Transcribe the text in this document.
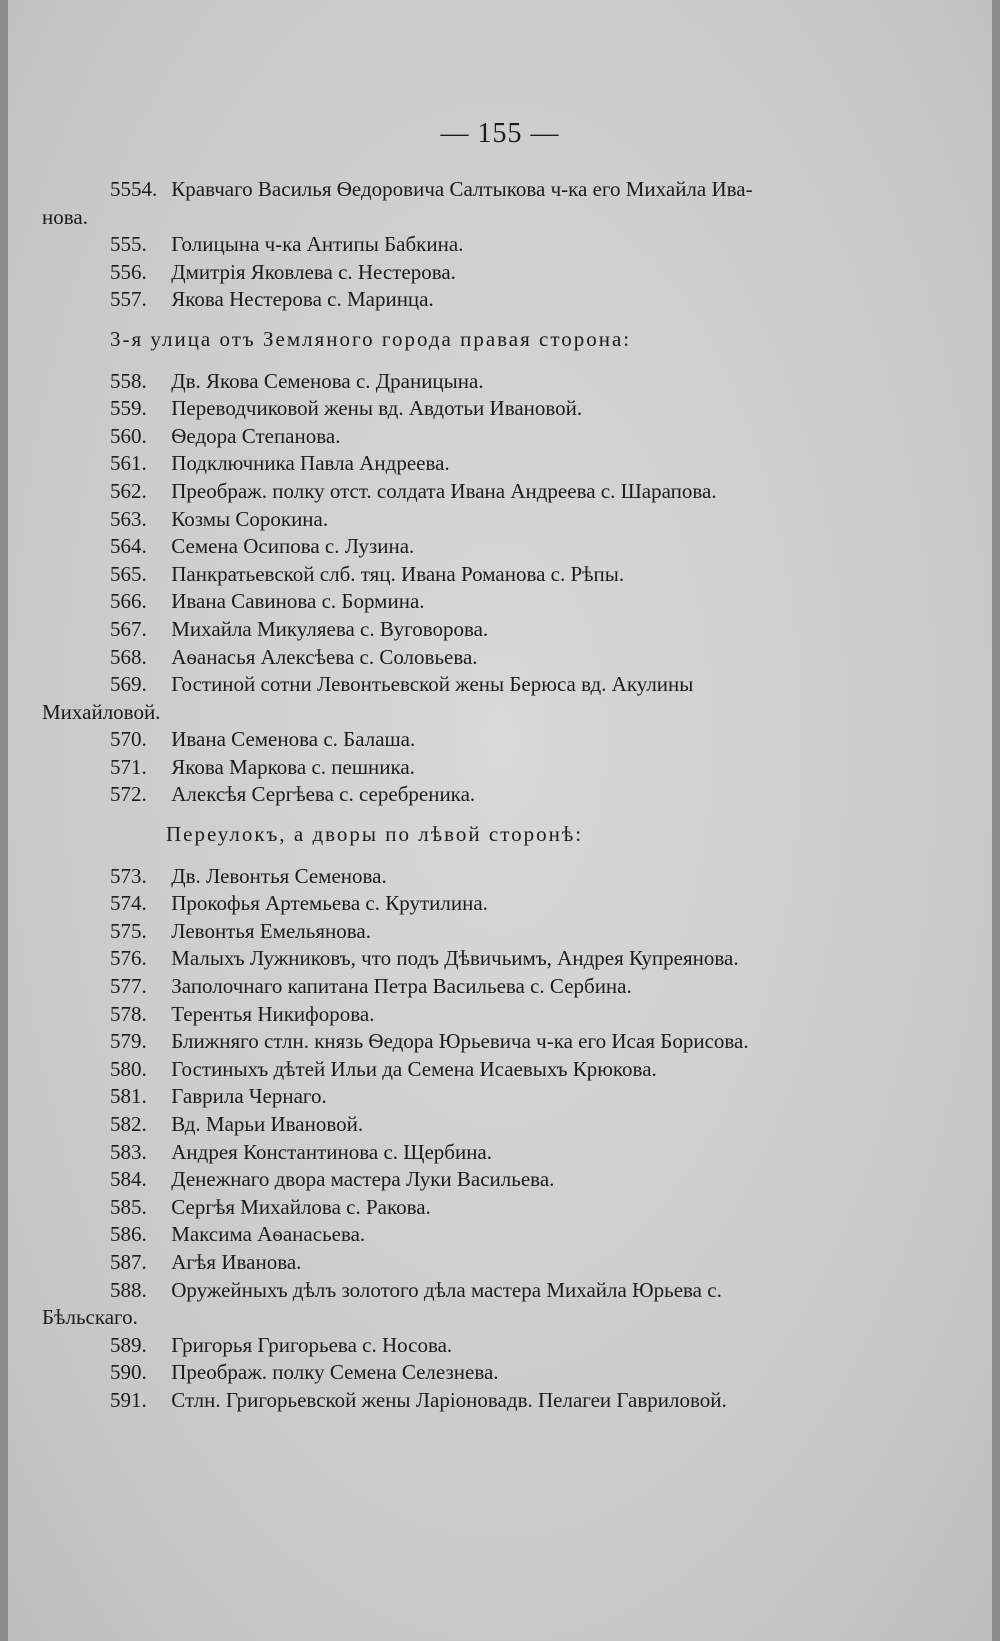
— 155 —

5554. Кравчаго Василья Ѳедоровича Салтыкова ч-ка его Михайла Ива-

нова.

555. Голицына ч-ка Антипы Бабкина.

556. Дмитрія Яковлева с. Нестерова.

557. Якова Нестерова с. Маринца.

3-я улица отъ Земляного города правая сторона:

558. Дв. Якова Семенова с. Драницына.

559. Переводчиковой жены вд. Авдотьи Ивановой.

560. Ѳедора Степанова.

561. Подключника Павла Андреева.

562. Преображ. полку отст. солдата Ивана Андреева с. Шарапова.

563. Козмы Сорокина.

564. Семена Осипова с. Лузина.

565. Панкратьевской слб. тяц. Ивана Романова с. Рѣпы.

566. Ивана Савинова с. Бормина.

567. Михайла Микуляева с. Вуговорова.

568. Аѳанасья Алексѣева с. Соловьева.

569. Гостиной сотни Левонтьевской жены Берюса вд. Акулины

Михайловой.

570. Ивана Семенова с. Балаша.

571. Якова Маркова с. пешника.

572. Алексѣя Сергѣева с. серебреника.

Переулокъ, а дворы по лѣвой сторонѣ:

573. Дв. Левонтья Семенова.

574. Прокофья Артемьева с. Крутилина.

575. Левонтья Емельянова.

576. Малыхъ Лужниковъ, что подъ Дѣвичьимъ, Андрея Купреянова.

577. Заполочнаго капитана Петра Васильева с. Сербина.

578. Терентья Никифорова.

579. Ближняго стлн. князь Ѳедора Юрьевича ч-ка его Исая Борисова.

580. Гостиныхъ дѣтей Ильи да Семена Исаевыхъ Крюкова.

581. Гаврила Чернаго.

582. Вд. Марьи Ивановой.

583. Андрея Константинова с. Щербина.

584. Денежнаго двора мастера Луки Васильева.

585. Сергѣя Михайлова с. Ракова.

586. Максима Аѳанасьева.

587. Агѣя Иванова.

588. Оружейныхъ дѣлъ золотого дѣла мастера Михайла Юрьева с.

Бѣльскаго.

589. Григорья Григорьева с. Носова.

590. Преображ. полку Семена Селезнева.

591. Стлн. Григорьевской жены Ларіоновадв. Пелагеи Гавриловой.
